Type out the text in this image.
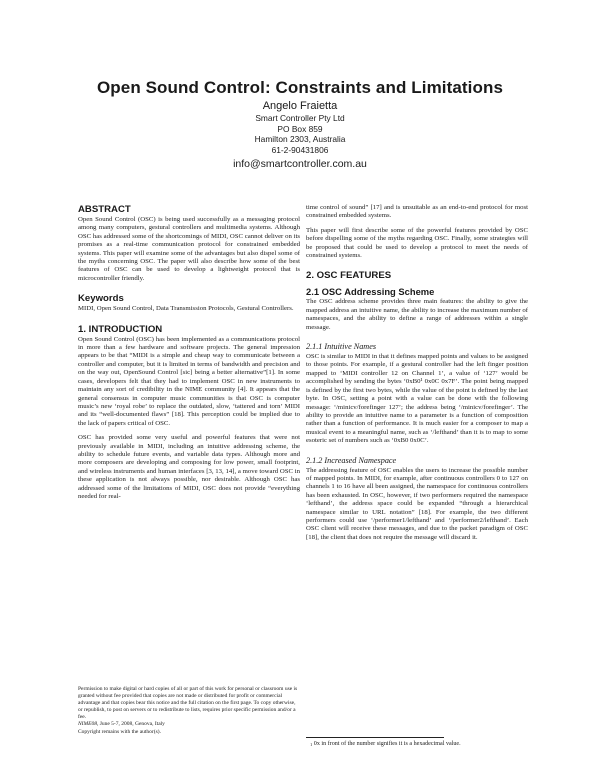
Open Sound Control: Constraints and Limitations
Angelo Fraietta
Smart Controller Pty Ltd
PO Box 859
Hamilton 2303, Australia
61-2-90431806
info@smartcontroller.com.au
ABSTRACT

Open Sound Control (OSC) is being used successfully as a messaging protocol among many computers, gestural controllers and multimedia systems. Although OSC has addressed some of the shortcomings of MIDI, OSC cannot deliver on its promises as a real-time communication protocol for constrained embedded systems. This paper will examine some of the advantages but also dispel some of the myths concerning OSC. The paper will also describe how some of the best features of OSC can be used to develop a lightweight protocol that is microcontroller friendly.

Keywords

MIDI, Open Sound Control, Data Transmission Protocols, Gestural Controllers.

1. INTRODUCTION

Open Sound Control (OSC) has been implemented as a communications protocol in more than a few hardware and software projects. The general impression appears to be that “MIDI is a simple and cheap way to communicate between a controller and computer, but it is limited in terms of bandwidth and precision and on the way out, OpenSound Control [sic] being a better alternative”[1]. In some cases, developers felt that they had to implement OSC in new instruments to maintain any sort of credibility in the NIME community [4]. It appears that the general consensus in computer music communities is that OSC is computer music’s new ‘royal robe’ to replace the outdated, slow, ‘tattered and torn’ MIDI and its “well-documented flaws” [18]. This perception could be implied due to the lack of papers critical of OSC.

OSC has provided some very useful and powerful features that were not previously available in MIDI, including an intuitive addressing scheme, the ability to schedule future events, and variable data types. Although more and more composers are developing and composing for low power, small footprint, and wireless instruments and human interfaces [3, 13, 14], a move toward OSC in these application is not always possible, nor desirable. Although OSC has addressed some of the limitations of MIDI, OSC does not provide “everything needed for real-

Permission to make digital or hard copies of all or part of this work for personal or classroom use is granted without fee provided that copies are not made or distributed for profit or commercial advantage and that copies bear this notice and the full citation on the first page. To copy otherwise, or republish, to post on servers or to redistribute to lists, requires prior specific permission and/or a fee.

NIME08, June 5-7, 2008, Genova, Italy

Copyright remains with the author(s).

time control of sound” [17] and is unsuitable as an end-to-end protocol for most constrained embedded systems.

This paper will first describe some of the powerful features provided by OSC before dispelling some of the myths regarding OSC. Finally, some strategies will be proposed that could be used to develop a protocol to meet the needs of constrained systems.

2. OSC FEATURES
2.1 OSC Addressing Scheme

The OSC address scheme provides three main features: the ability to give the mapped address an intuitive name, the ability to increase the maximum number of namespaces, and the ability to define a range of addresses within a single message.

2.1.1 Intuitive Names

OSC is similar to MIDI in that it defines mapped points and values to be assigned to those points. For example, if a gestural controller had the left finger position mapped to ‘MIDI controller 12 on Channel 1’, a value of ‘127’ would be accomplished by sending the bytes ‘0xB0¹ 0x0C 0x7F’. The point being mapped is defined by the first two bytes, while the value of the point is defined by the last byte. In OSC, setting a point with a value can be done with the following message: ‘/minicv/forefinger 127’; the address being ‘/minicv/forefinger’. The ability to provide an intuitive name to a parameter is a function of composition rather than a function of performance. It is much easier for a composer to map a musical event to a meaningful name, such as ‘/lefthand’ than it is to map to some esoteric set of numbers such as ‘0xB0 0x0C’.

2.1.2 Increased Namespace

The addressing feature of OSC enables the users to increase the possible number of mapped points. In MIDI, for example, after continuous controllers 0 to 127 on channels 1 to 16 have all been assigned, the namespace for continuous controllers has been exhausted. In OSC, however, if two performers required the namespace ‘lefthand’, the address space could be expanded “through a hierarchical namespace similar to URL notation” [18]. For example, the two different performers could use ‘/performer1/lefthand’ and ‘/performer2/lefthand’. Each OSC client will receive these messages, and due to the packet paradigm of OSC [18], the client that does not require the message will discard it.

$^1$ 0x in front of the number signifies it is a hexadecimal value.
